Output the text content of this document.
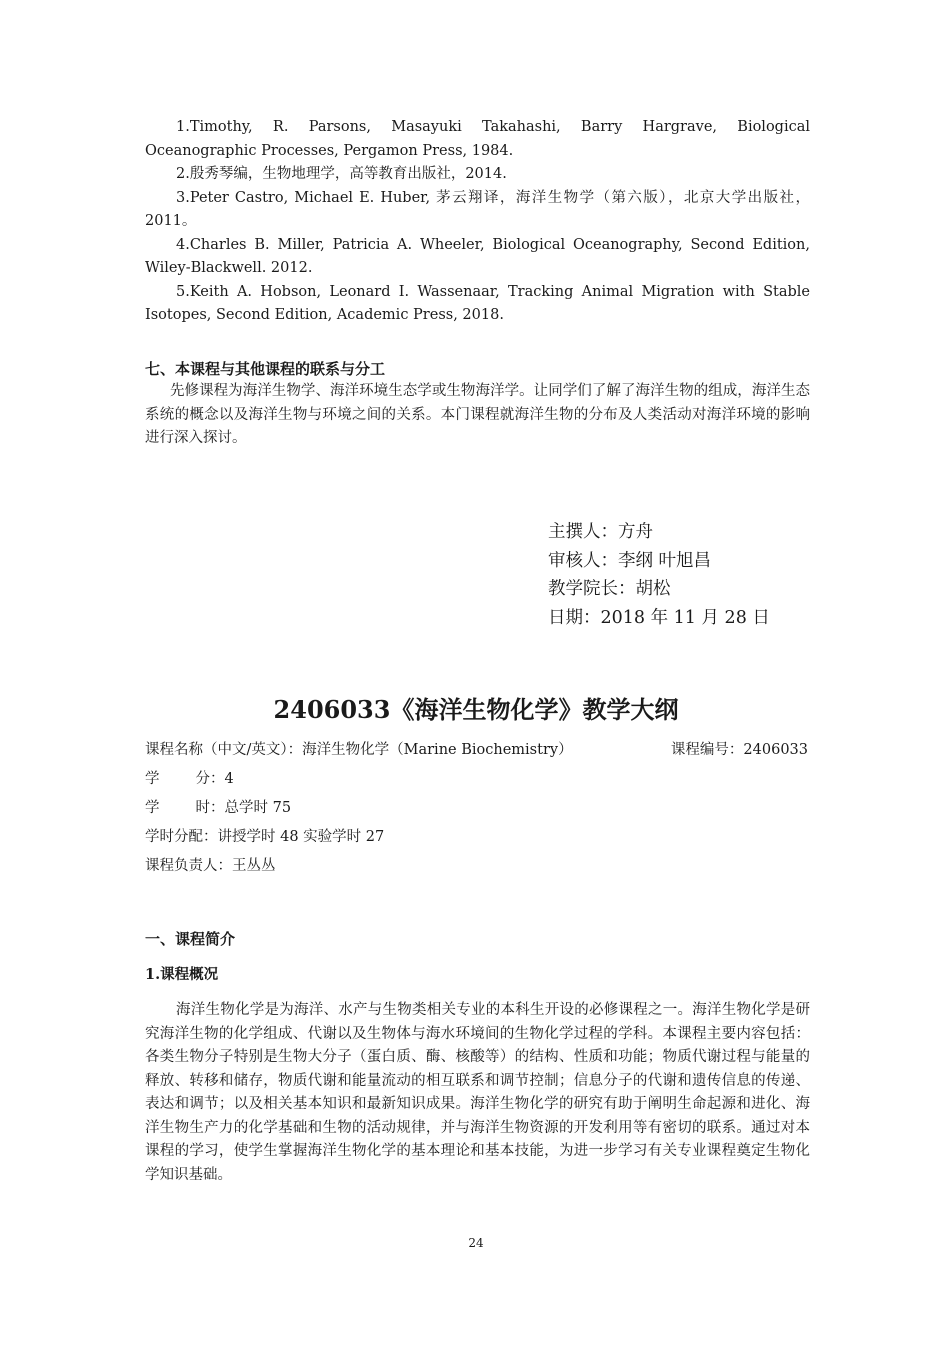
1.Timothy, R. Parsons, Masayuki Takahashi, Barry Hargrave, Biological Oceanographic Processes, Pergamon Press, 1984.

2.殷秀琴编，生物地理学，高等教育出版社，2014.

3.Peter Castro, Michael E. Huber, 茅云翔译，海洋生物学（第六版），北京大学出版社，2011。

4.Charles B. Miller, Patricia A. Wheeler, Biological Oceanography, Second Edition, Wiley-Blackwell. 2012.

5.Keith A. Hobson, Leonard I. Wassenaar, Tracking Animal Migration with Stable Isotopes, Second Edition, Academic Press, 2018.

七、本课程与其他课程的联系与分工

先修课程为海洋生物学、海洋环境生态学或生物海洋学。让同学们了解了海洋生物的组成，海洋生态系统的概念以及海洋生物与环境之间的关系。本门课程就海洋生物的分布及人类活动对海洋环境的影响进行深入探讨。

主撰人：方舟
审核人：李纲 叶旭昌
教学院长：胡松
日期：2018 年 11 月 28 日
2406033《海洋生物化学》教学大纲
课程名称（中文/英文）：海洋生物化学（Marine Biochemistry）	课程编号：2406033
学 分：4
学 时：总学时 75
学时分配：讲授学时 48 实验学时 27
课程负责人：王丛丛

一、课程简介

1.课程概况

海洋生物化学是为海洋、水产与生物类相关专业的本科生开设的必修课程之一。海洋生物化学是研究海洋生物的化学组成、代谢以及生物体与海水环境间的生物化学过程的学科。本课程主要内容包括：各类生物分子特别是生物大分子（蛋白质、酶、核酸等）的结构、性质和功能；物质代谢过程与能量的释放、转移和储存，物质代谢和能量流动的相互联系和调节控制；信息分子的代谢和遗传信息的传递、表达和调节；以及相关基本知识和最新知识成果。海洋生物化学的研究有助于阐明生命起源和进化、海洋生物生产力的化学基础和生物的活动规律，并与海洋生物资源的开发利用等有密切的联系。通过对本课程的学习，使学生掌握海洋生物化学的基本理论和基本技能，为进一步学习有关专业课程奠定生物化学知识基础。

24
